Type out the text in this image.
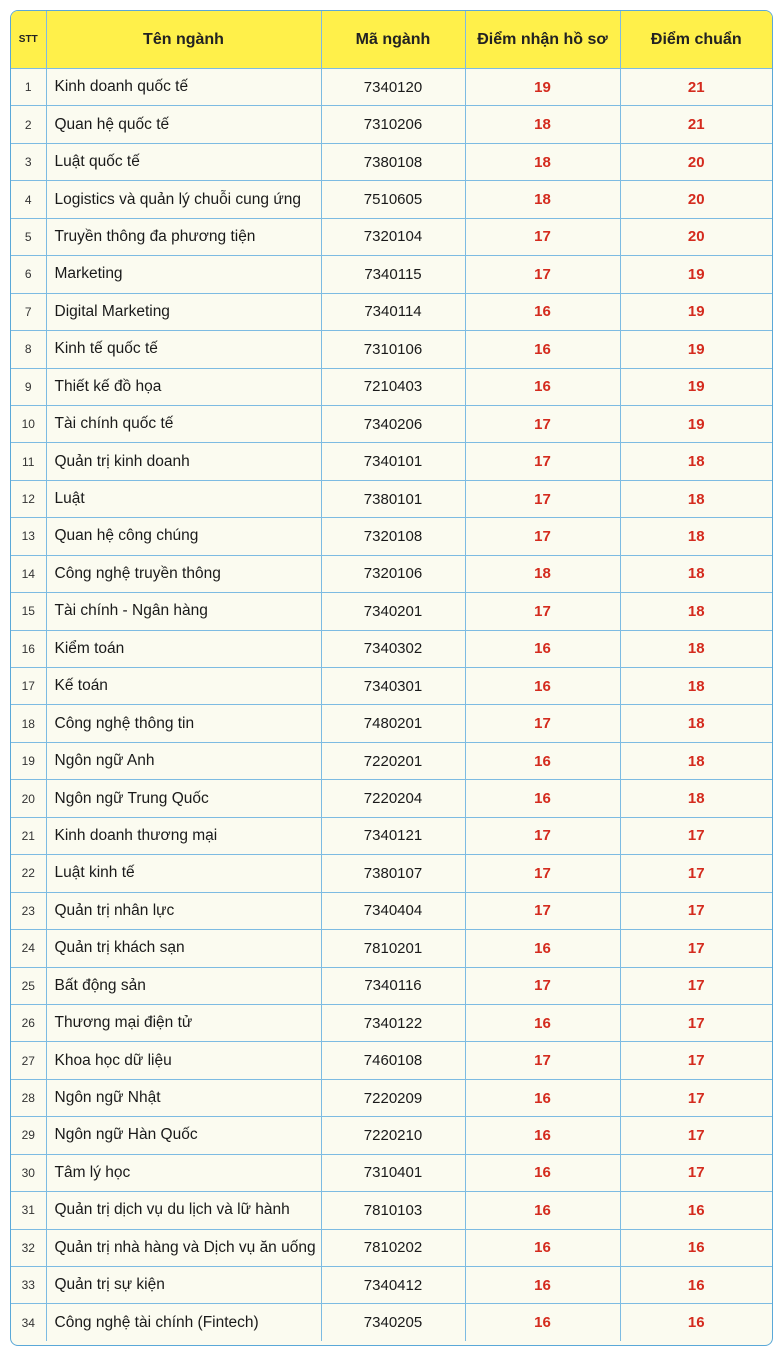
STT	Tên ngành	Mã ngành	Điểm nhận hồ sơ	Điểm chuẩn
1	Kinh doanh quốc tế	7340120	19	21
2	Quan hệ quốc tế	7310206	18	21
3	Luật quốc tế	7380108	18	20
4	Logistics và quản lý chuỗi cung ứng	7510605	18	20
5	Truyền thông đa phương tiện	7320104	17	20
6	Marketing	7340115	17	19
7	Digital Marketing	7340114	16	19
8	Kinh tế quốc tế	7310106	16	19
9	Thiết kế đồ họa	7210403	16	19
10	Tài chính quốc tế	7340206	17	19
11	Quản trị kinh doanh	7340101	17	18
12	Luật	7380101	17	18
13	Quan hệ công chúng	7320108	17	18
14	Công nghệ truyền thông	7320106	18	18
15	Tài chính - Ngân hàng	7340201	17	18
16	Kiểm toán	7340302	16	18
17	Kế toán	7340301	16	18
18	Công nghệ thông tin	7480201	17	18
19	Ngôn ngữ Anh	7220201	16	18
20	Ngôn ngữ Trung Quốc	7220204	16	18
21	Kinh doanh thương mại	7340121	17	17
22	Luật kinh tế	7380107	17	17
23	Quản trị nhân lực	7340404	17	17
24	Quản trị khách sạn	7810201	16	17
25	Bất động sản	7340116	17	17
26	Thương mại điện tử	7340122	16	17
27	Khoa học dữ liệu	7460108	17	17
28	Ngôn ngữ Nhật	7220209	16	17
29	Ngôn ngữ Hàn Quốc	7220210	16	17
30	Tâm lý học	7310401	16	17
31	Quản trị dịch vụ du lịch và lữ hành	7810103	16	16
32	Quản trị nhà hàng và Dịch vụ ăn uống	7810202	16	16
33	Quản trị sự kiện	7340412	16	16
34	Công nghệ tài chính (Fintech)	7340205	16	16
